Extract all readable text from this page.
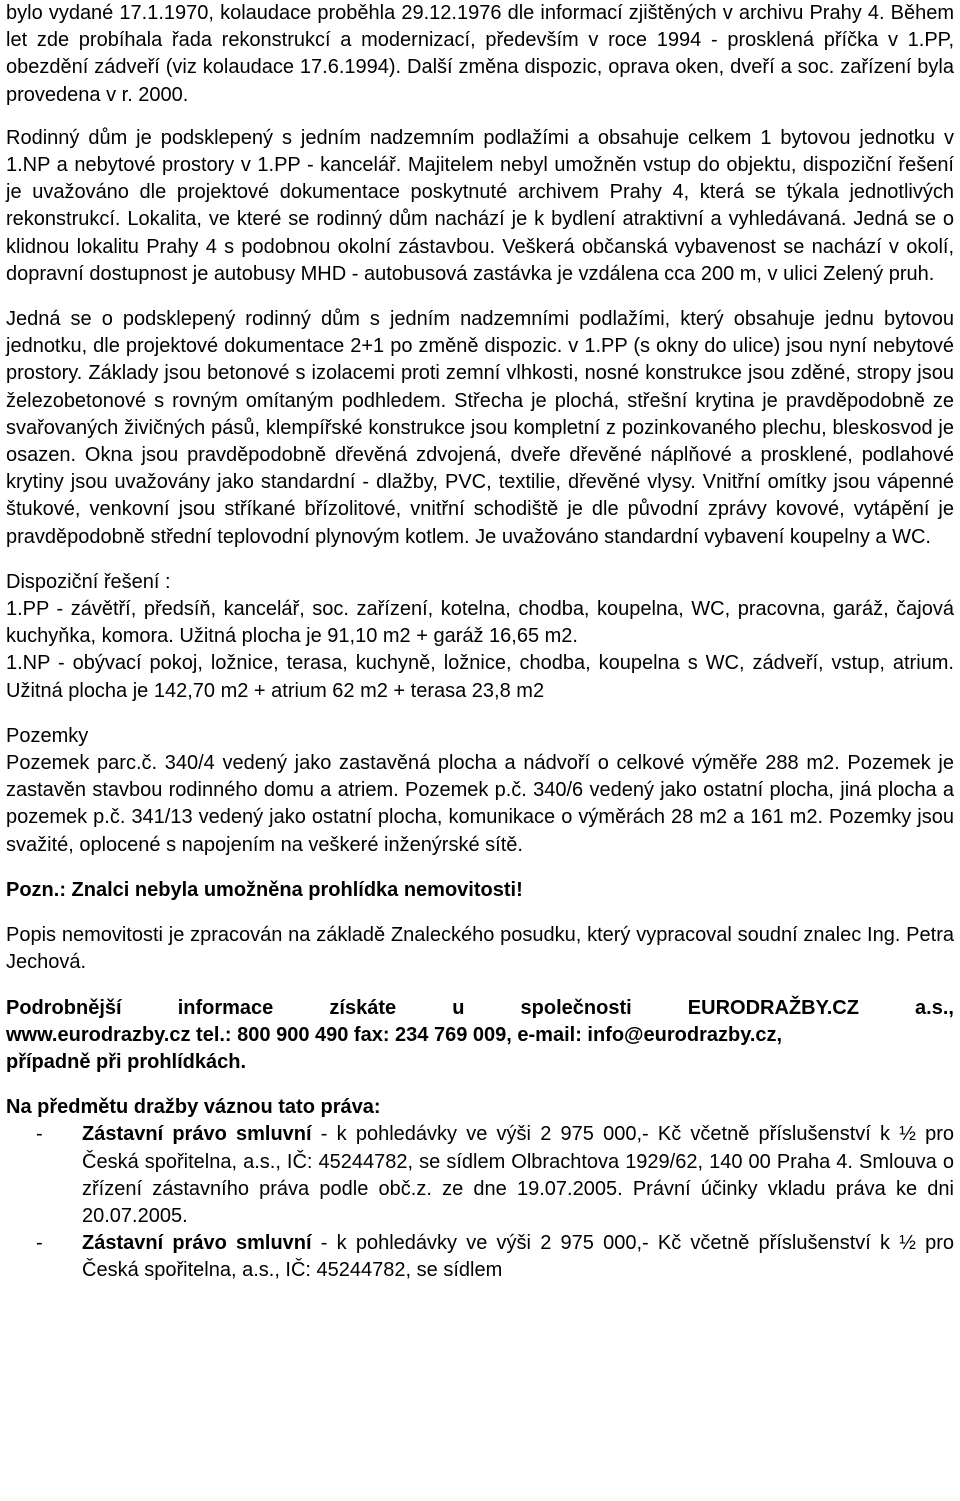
bylo vydané 17.1.1970, kolaudace proběhla 29.12.1976 dle informací zjištěných v archivu Prahy 4. Během let zde probíhala řada rekonstrukcí a modernizací, především v roce 1994 - prosklená příčka v 1.PP, obezdění zádveří (viz kolaudace 17.6.1994). Další změna dispozic, oprava oken, dveří a soc. zařízení byla provedena v r. 2000.

Rodinný dům je podsklepený s jedním nadzemním podlažími a obsahuje celkem 1 bytovou jednotku v 1.NP a nebytové prostory v 1.PP - kancelář. Majitelem nebyl umožněn vstup do objektu, dispoziční řešení je uvažováno dle projektové dokumentace poskytnuté archivem Prahy 4, která se týkala jednotlivých rekonstrukcí. Lokalita, ve které se rodinný dům nachází je k bydlení atraktivní a vyhledávaná. Jedná se o klidnou lokalitu Prahy 4 s podobnou okolní zástavbou. Veškerá občanská vybavenost se nachází v okolí, dopravní dostupnost je autobusy MHD - autobusová zastávka je vzdálena cca 200 m, v ulici Zelený pruh.

Jedná se o podsklepený rodinný dům s jedním nadzemními podlažími, který obsahuje jednu bytovou jednotku, dle projektové dokumentace 2+1 po změně dispozic. v 1.PP (s okny do ulice) jsou nyní nebytové prostory. Základy jsou betonové s izolacemi proti zemní vlhkosti, nosné konstrukce jsou zděné, stropy jsou železobetonové s rovným omítaným podhledem. Střecha je plochá, střešní krytina je pravděpodobně ze svařovaných živičných pásů, klempířské konstrukce jsou kompletní z pozinkovaného plechu, bleskosvod je osazen. Okna jsou pravděpodobně dřevěná zdvojená, dveře dřevěné náplňové a prosklené, podlahové krytiny jsou uvažovány jako standardní - dlažby, PVC, textilie, dřevěné vlysy. Vnitřní omítky jsou vápenné štukové, venkovní jsou stříkané břízolitové, vnitřní schodiště je dle původní zprávy kovové, vytápění je pravděpodobně střední teplovodní plynovým kotlem. Je uvažováno standardní vybavení koupelny a WC.

Dispoziční řešení :

1.PP - závětří, předsíň, kancelář, soc. zařízení, kotelna, chodba, koupelna, WC, pracovna, garáž, čajová kuchyňka, komora. Užitná plocha je 91,10 m2 + garáž 16,65 m2.

1.NP - obývací pokoj, ložnice, terasa, kuchyně, ložnice, chodba, koupelna s WC, zádveří, vstup, atrium. Užitná plocha je 142,70 m2 + atrium 62 m2 + terasa 23,8 m2

Pozemky

Pozemek parc.č. 340/4 vedený jako zastavěná plocha a nádvoří o celkové výměře 288 m2. Pozemek je zastavěn stavbou rodinného domu a atriem. Pozemek p.č. 340/6 vedený jako ostatní plocha, jiná plocha a pozemek p.č. 341/13 vedený jako ostatní plocha, komunikace o výměrách 28 m2 a 161 m2. Pozemky jsou svažité, oplocené s napojením na veškeré inženýrské sítě.

Pozn.: Znalci nebyla umožněna prohlídka nemovitosti!

Popis nemovitosti je zpracován na základě Znaleckého posudku, který vypracoval soudní znalec Ing. Petra Jechová.

Podrobnější	informace	získáte	u	společnosti	EURODRAŽBY.CZ	a.s.,

www.eurodrazby.cz tel.: 800 900 490 fax: 234 769 009, e-mail: info@eurodrazby.cz,

případně při prohlídkách.

Na předmětu dražby váznou tato práva:

- Zástavní právo smluvní - k pohledávky ve výši 2 975 000,- Kč včetně příslušenství k ½ pro Česká spořitelna, a.s., IČ: 45244782, se sídlem Olbrachtova 1929/62, 140 00 Praha 4. Smlouva o zřízení zástavního práva podle obč.z. ze dne 19.07.2005. Právní účinky vkladu práva ke dni 20.07.2005.
- Zástavní právo smluvní - k pohledávky ve výši 2 975 000,- Kč včetně příslušenství k ½ pro Česká spořitelna, a.s., IČ: 45244782, se sídlem
